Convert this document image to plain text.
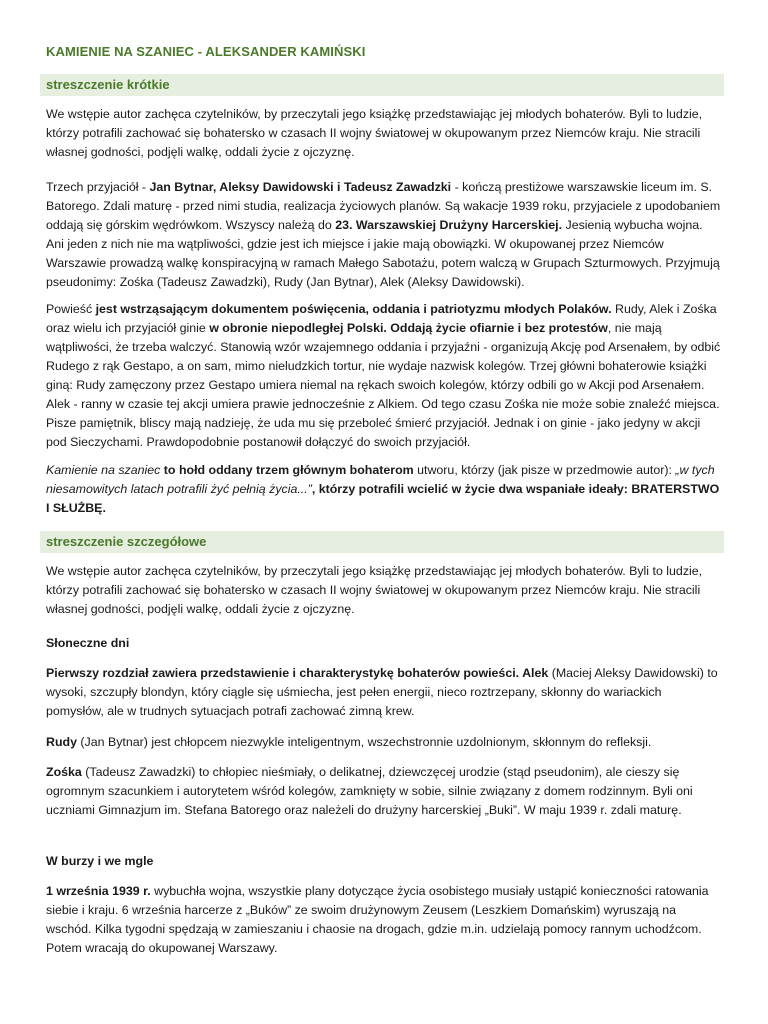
KAMIENIE NA SZANIEC - ALEKSANDER KAMIŃSKI
streszczenie krótkie

We wstępie autor zachęca czytelników, by przeczytali jego książkę przedstawiając jej młodych bohaterów. Byli to ludzie, którzy potrafili zachować się bohatersko w czasach II wojny światowej w okupowanym przez Niemców kraju. Nie stracili własnej godności, podjęli walkę, oddali życie z ojczyznę.

Trzech przyjaciół - Jan Bytnar, Aleksy Dawidowski i Tadeusz Zawadzki - kończą prestiżowe warszawskie liceum im. S. Batorego. Zdali maturę - przed nimi studia, realizacja życiowych planów. Są wakacje 1939 roku, przyjaciele z upodobaniem oddają się górskim wędrówkom. Wszyscy należą do 23. Warszawskiej Drużyny Harcerskiej. Jesienią wybucha wojna. Ani jeden z nich nie ma wątpliwości, gdzie jest ich miejsce i jakie mają obowiązki. W okupowanej przez Niemców Warszawie prowadzą walkę konspiracyjną w ramach Małego Sabotażu, potem walczą w Grupach Szturmowych. Przyjmują pseudonimy: Zośka (Tadeusz Zawadzki), Rudy (Jan Bytnar), Alek (Aleksy Dawidowski).

Powieść jest wstrząsającym dokumentem poświęcenia, oddania i patriotyzmu młodych Polaków. Rudy, Alek i Zośka oraz wielu ich przyjaciół ginie w obronie niepodległej Polski. Oddają życie ofiarnie i bez protestów, nie mają wątpliwości, że trzeba walczyć. Stanowią wzór wzajemnego oddania i przyjaźni - organizują Akcję pod Arsenałem, by odbić Rudego z rąk Gestapo, a on sam, mimo nieludzkich tortur, nie wydaje nazwisk kolegów. Trzej główni bohaterowie książki giną: Rudy zamęczony przez Gestapo umiera niemal na rękach swoich kolegów, którzy odbili go w Akcji pod Arsenałem. Alek - ranny w czasie tej akcji umiera prawie jednocześnie z Alkiem. Od tego czasu Zośka nie może sobie znaleźć miejsca. Pisze pamiętnik, bliscy mają nadzieję, że uda mu się przeboleć śmierć przyjaciół. Jednak i on ginie - jako jedyny w akcji pod Sieczychami. Prawdopodobnie postanowił dołączyć do swoich przyjaciół.

Kamienie na szaniec to hołd oddany trzem głównym bohaterom utworu, którzy (jak pisze w przedmowie autor): „w tych niesamowitych latach potrafili żyć pełnią życia...”, którzy potrafili wcielić w życie dwa wspaniałe ideały: BRATERSTWO I SŁUŻBĘ.

streszczenie szczegółowe

We wstępie autor zachęca czytelników, by przeczytali jego książkę przedstawiając jej młodych bohaterów. Byli to ludzie, którzy potrafili zachować się bohatersko w czasach II wojny światowej w okupowanym przez Niemców kraju. Nie stracili własnej godności, podjęli walkę, oddali życie z ojczyznę.

Słoneczne dni

Pierwszy rozdział zawiera przedstawienie i charakterystykę bohaterów powieści. Alek (Maciej Aleksy Dawidowski) to wysoki, szczupły blondyn, który ciągle się uśmiecha, jest pełen energii, nieco roztrzepany, skłonny do wariackich pomysłów, ale w trudnych sytuacjach potrafi zachować zimną krew.

Rudy (Jan Bytnar) jest chłopcem niezwykle inteligentnym, wszechstronnie uzdolnionym, skłonnym do refleksji.

Zośka (Tadeusz Zawadzki) to chłopiec nieśmiały, o delikatnej, dziewczęcej urodzie (stąd pseudonim), ale cieszy się ogromnym szacunkiem i autorytetem wśród kolegów, zamknięty w sobie, silnie związany z domem rodzinnym. Byli oni uczniami Gimnazjum im. Stefana Batorego oraz należeli do drużyny harcerskiej „Buki”. W maju 1939 r. zdali maturę.

W burzy i we mgle

1 września 1939 r. wybuchła wojna, wszystkie plany dotyczące życia osobistego musiały ustąpić konieczności ratowania siebie i kraju. 6 września harcerze z „Buków” ze swoim drużynowym Zeusem (Leszkiem Domańskim) wyruszają na wschód. Kilka tygodni spędzają w zamieszaniu i chaosie na drogach, gdzie m.in. udzielają pomocy rannym uchodźcom. Potem wracają do okupowanej Warszawy.
